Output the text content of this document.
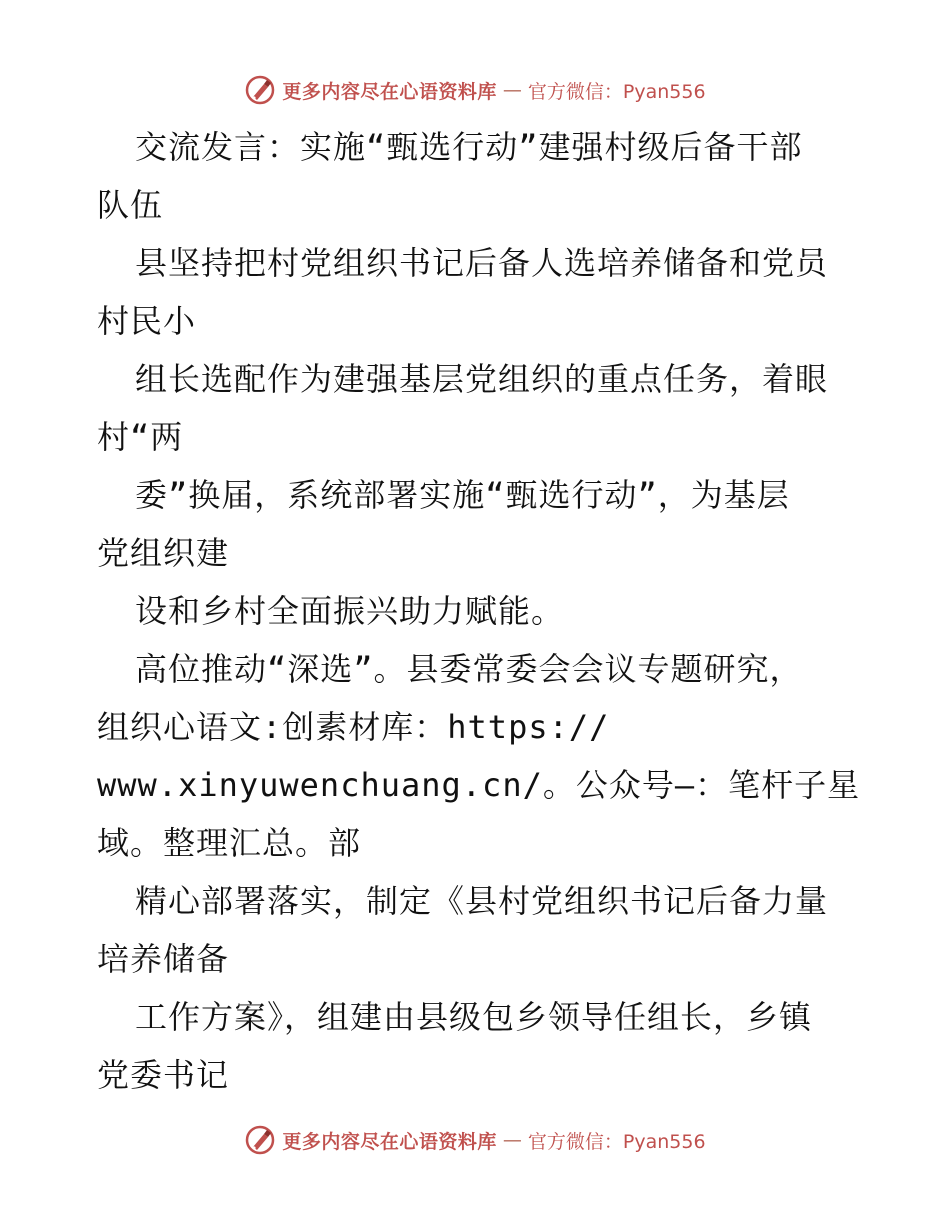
更多内容尽在心语资料库 — 官方微信：Pyan556
交流发言：实施“甄选行动”建强村级后备干部
队伍
县坚持把村党组织书记后备人选培养储备和党员
村民小
组长选配作为建强基层党组织的重点任务，着眼
村“两
委”换届，系统部署实施“甄选行动”，为基层
党组织建
设和乡村全面振兴助力赋能。
高位推动“深选”。县委常委会会议专题研究，
组织心语文:创素材库：https://
www.xinyuwenchuang.cn/。公众号—：笔杆子星
域。整理汇总。部
精心部署落实，制定《县村党组织书记后备力量
培养储备
工作方案》，组建由县级包乡领导任组长，乡镇
党委书记
更多内容尽在心语资料库 — 官方微信：Pyan556
